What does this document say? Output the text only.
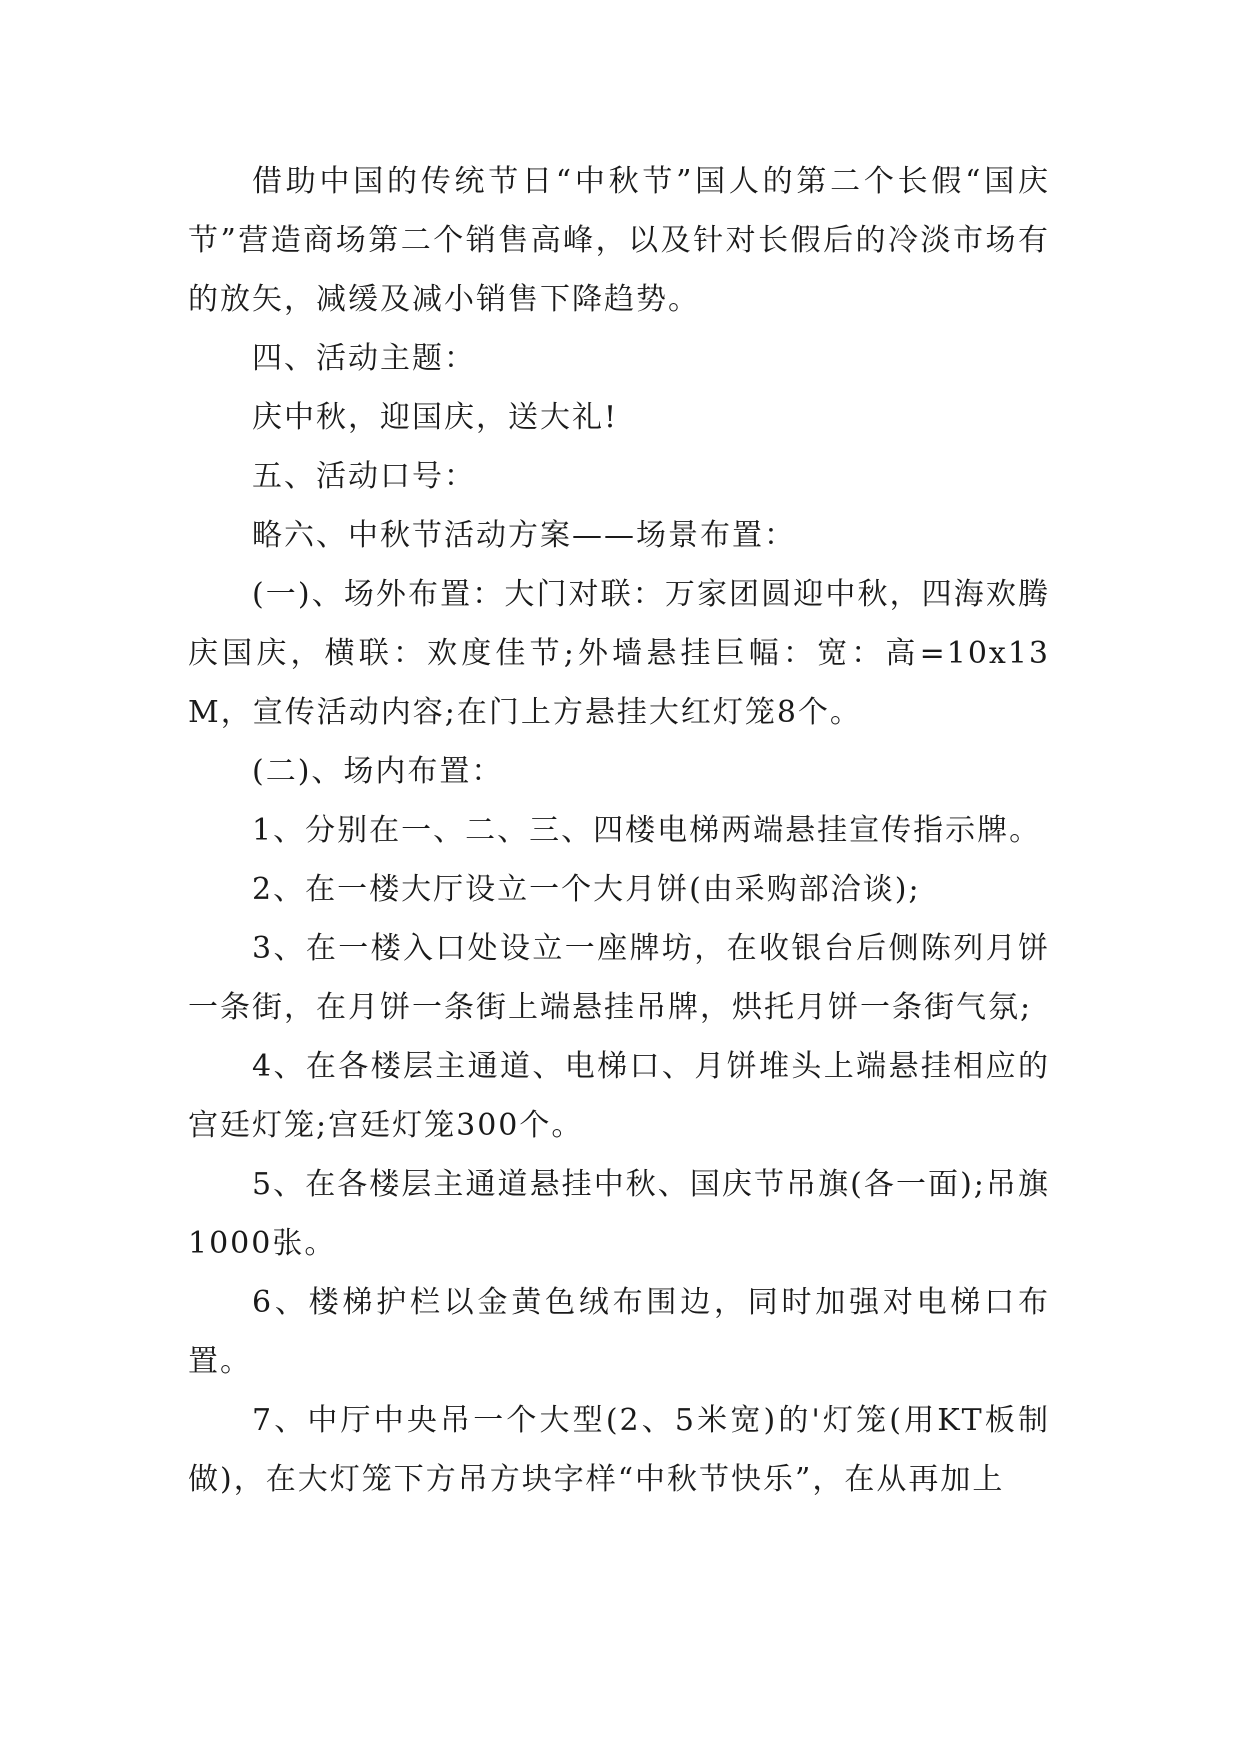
借助中国的传统节日“中秋节”国人的第二个长假“国庆节”营造商场第二个销售高峰，以及针对长假后的冷淡市场有的放矢，减缓及减小销售下降趋势。

四、活动主题：

庆中秋，迎国庆，送大礼!

五、活动口号：

略六、中秋节活动方案——场景布置：

(一)、场外布置：大门对联：万家团圆迎中秋，四海欢腾庆国庆，横联：欢度佳节;外墙悬挂巨幅：宽：高=10x13M，宣传活动内容;在门上方悬挂大红灯笼8个。

(二)、场内布置：

1、分别在一、二、三、四楼电梯两端悬挂宣传指示牌。

2、在一楼大厅设立一个大月饼(由采购部洽谈);

3、在一楼入口处设立一座牌坊，在收银台后侧陈列月饼一条街，在月饼一条街上端悬挂吊牌，烘托月饼一条街气氛;

4、在各楼层主通道、电梯口、月饼堆头上端悬挂相应的宫廷灯笼;宫廷灯笼300个。

5、在各楼层主通道悬挂中秋、国庆节吊旗(各一面);吊旗1000张。

6、楼梯护栏以金黄色绒布围边，同时加强对电梯口布置。

7、中厅中央吊一个大型(2、5米宽)的'灯笼(用KT板制做)，在大灯笼下方吊方块字样“中秋节快乐”，在从再加上
